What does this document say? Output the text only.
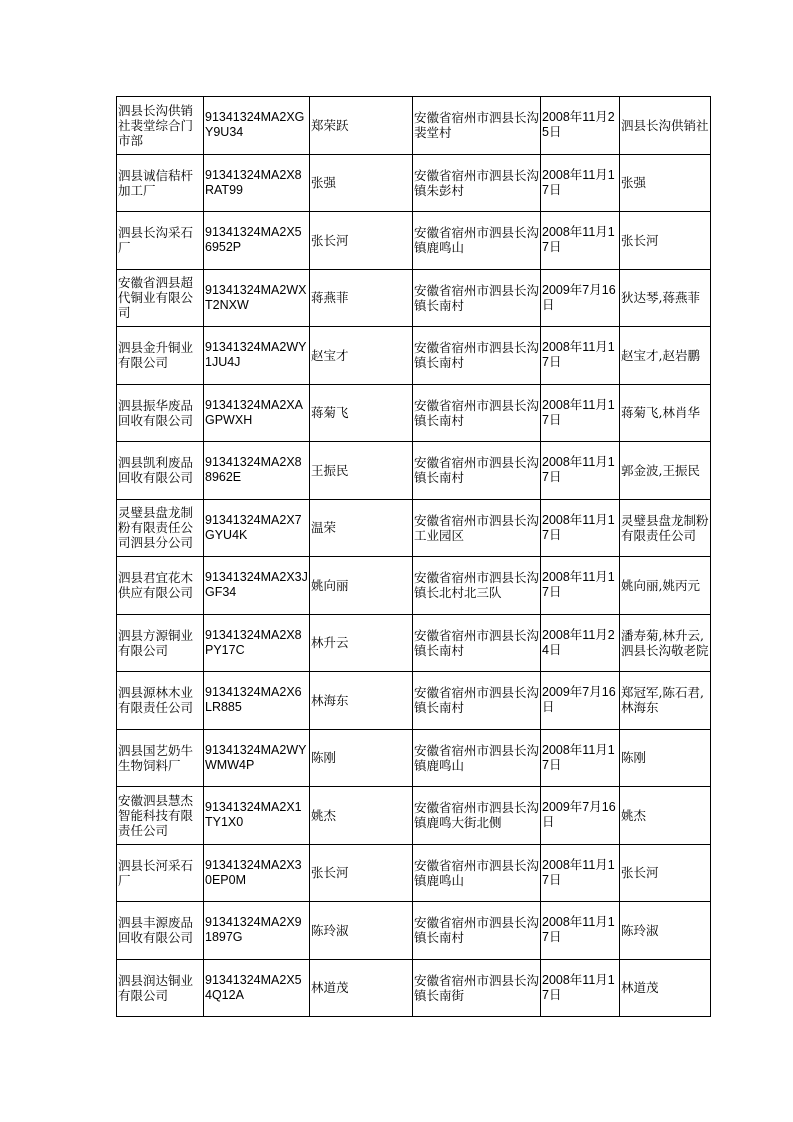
泗县长沟供销社裴堂综合门市部	91341324MA2XGY9U34	郑荣跃	安徽省宿州市泗县长沟裴堂村	2008年11月25日	泗县长沟供销社
泗县诚信秸杆加工厂	91341324MA2X8RAT99	张强	安徽省宿州市泗县长沟镇朱彭村	2008年11月17日	张强
泗县长沟采石厂	91341324MA2X56952P	张长河	安徽省宿州市泗县长沟镇鹿鸣山	2008年11月17日	张长河
安徽省泗县超代铜业有限公司	91341324MA2WXT2NXW	蒋燕菲	安徽省宿州市泗县长沟镇长南村	2009年7月16日	狄达琴,蒋燕菲
泗县金升铜业有限公司	91341324MA2WY1JU4J	赵宝才	安徽省宿州市泗县长沟镇长南村	2008年11月17日	赵宝才,赵岩鹏
泗县振华废品回收有限公司	91341324MA2XAGPWXH	蒋菊飞	安徽省宿州市泗县长沟镇长南村	2008年11月17日	蒋菊飞,林肖华
泗县凯利废品回收有限公司	91341324MA2X88962E	王振民	安徽省宿州市泗县长沟镇长南村	2008年11月17日	郭金波,王振民
灵璧县盘龙制粉有限责任公司泗县分公司	91341324MA2X7GYU4K	温荣	安徽省宿州市泗县长沟工业园区	2008年11月17日	灵璧县盘龙制粉有限责任公司
泗县君宜花木供应有限公司	91341324MA2X3JGF34	姚向丽	安徽省宿州市泗县长沟镇长北村北三队	2008年11月17日	姚向丽,姚丙元
泗县方源铜业有限公司	91341324MA2X8PY17C	林升云	安徽省宿州市泗县长沟镇长南村	2008年11月24日	潘寿菊,林升云,泗县长沟敬老院
泗县源林木业有限责任公司	91341324MA2X6LR885	林海东	安徽省宿州市泗县长沟镇长南村	2009年7月16日	郑冠军,陈石君,林海东
泗县国艺奶牛生物饲料厂	91341324MA2WYWMW4P	陈刚	安徽省宿州市泗县长沟镇鹿鸣山	2008年11月17日	陈刚
安徽泗县慧杰智能科技有限责任公司	91341324MA2X1TY1X0	姚杰	安徽省宿州市泗县长沟镇鹿鸣大街北侧	2009年7月16日	姚杰
泗县长河采石厂	91341324MA2X30EP0M	张长河	安徽省宿州市泗县长沟镇鹿鸣山	2008年11月17日	张长河
泗县丰源废品回收有限公司	91341324MA2X91897G	陈玲淑	安徽省宿州市泗县长沟镇长南村	2008年11月17日	陈玲淑
泗县润达铜业有限公司	91341324MA2X54Q12A	林道茂	安徽省宿州市泗县长沟镇长南街	2008年11月17日	林道茂
